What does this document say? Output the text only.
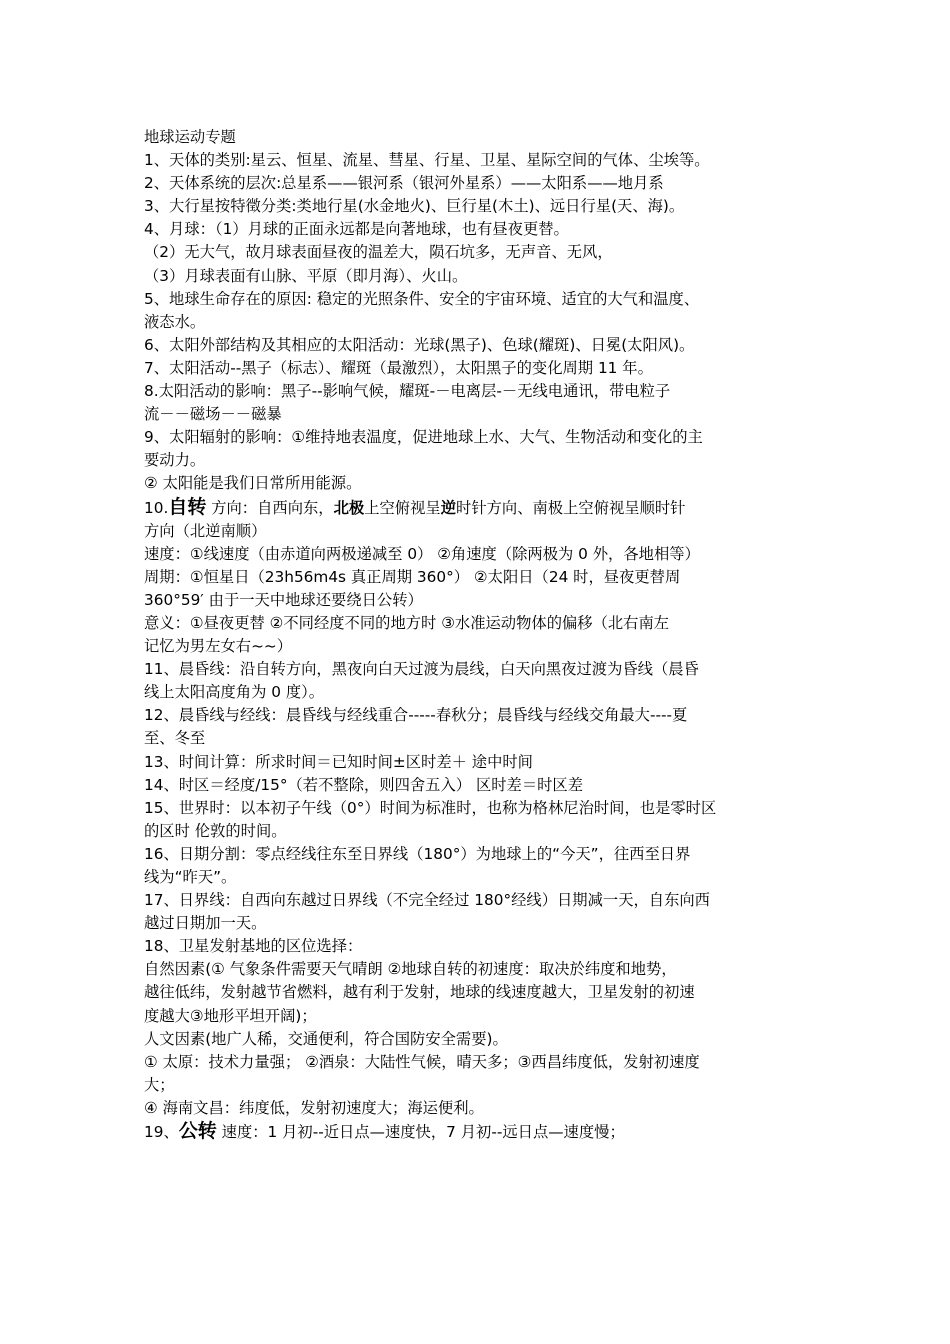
地球运动专题
1、天体的类别:星云、恒星、流星、彗星、行星、卫星、星际空间的气体、尘埃等。
2、天体系统的层次:总星系——银河系（银河外星系）——太阳系——地月系
3、大行星按特徵分类:类地行星(水金地火)、巨行星(木土)、远日行星(天、海)。
4、月球：（1）月球的正面永远都是向著地球，也有昼夜更替。
（2）无大气，故月球表面昼夜的温差大，陨石坑多，无声音、无风，
（3）月球表面有山脉、平原（即月海）、火山。
5、地球生命存在的原因: 稳定的光照条件、安全的宇宙环境、适宜的大气和温度、
液态水。
6、太阳外部结构及其相应的太阳活动：光球(黑子)、色球(耀斑)、日冕(太阳风)。
7、太阳活动--黑子（标志）、耀斑（最激烈），太阳黑子的变化周期 11 年。
8.太阳活动的影响：黑子--影响气候，耀斑-－电离层-－无线电通讯，带电粒子
流－－磁场－－磁暴
9、太阳辐射的影响：①维持地表温度，促进地球上水、大气、生物活动和变化的主
要动力。
② 太阳能是我们日常所用能源。
10.自转 方向：自西向东，北极上空俯视呈逆时针方向、南极上空俯视呈顺时针
方向（北逆南顺）
速度：①线速度（由赤道向两极递减至 0） ②角速度（除两极为 0 外，各地相等）
周期：①恒星日（23h56m4s 真正周期 360°） ②太阳日（24 时，昼夜更替周
360°59′ 由于一天中地球还要绕日公转）
意义：①昼夜更替 ②不同经度不同的地方时 ③水准运动物体的偏移（北右南左
记忆为男左女右~~）
11、晨昏线：沿自转方向，黑夜向白天过渡为晨线，白天向黑夜过渡为昏线（晨昏
线上太阳高度角为 0 度）。
12、晨昏线与经线：晨昏线与经线重合-----春秋分；晨昏线与经线交角最大----夏
至、冬至
13、时间计算：所求时间＝已知时间±区时差＋ 途中时间
14、时区＝经度/15°（若不整除，则四舍五入） 区时差＝时区差
15、世界时：以本初子午线（0°）时间为标准时，也称为格林尼治时间，也是零时区
的区时 伦敦的时间。
16、日期分割：零点经线往东至日界线（180°）为地球上的“今天”，往西至日界
线为“昨天”。
17、日界线：自西向东越过日界线（不完全经过 180°经线）日期减一天，自东向西
越过日期加一天。
18、卫星发射基地的区位选择：
自然因素(① 气象条件需要天气晴朗 ②地球自转的初速度：取决於纬度和地势，
越往低纬，发射越节省燃料，越有利于发射，地球的线速度越大，卫星发射的初速
度越大③地形平坦开阔)；
人文因素(地广人稀，交通便利，符合国防安全需要)。
① 太原：技术力量强； ②酒泉：大陆性气候，晴天多；③西昌纬度低，发射初速度
大；
④ 海南文昌：纬度低，发射初速度大；海运便利。
19、公转 速度：1 月初--近日点—速度快，7 月初--远日点—速度慢；
